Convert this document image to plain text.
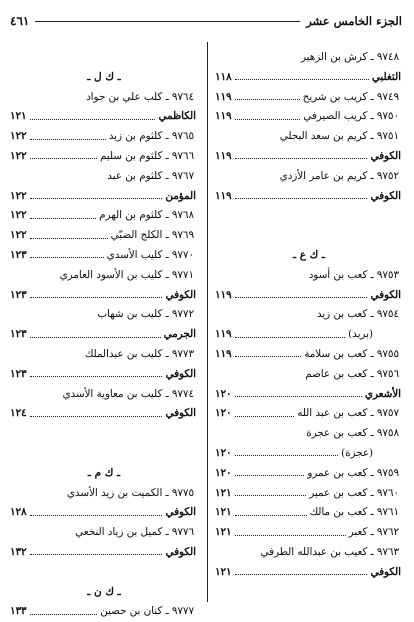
الجزء الخامس عشر
٤٦١
٩٧٤٨ ـ كرش بن الزهير
التغلبي
١١٨
٩٧٤٩ ـ كريب بن شريح
١١٩
٩٧٥٠ ـ كريب الصيرفي
١١٩
٩٧٥١ ـ كريم بن سعد البجلي
الكوفي
١١٩
٩٧٥٢ ـ كريم بن عامر الأزدي
الكوفي
١١٩
ـ ك ع ـ
٩٧٥٣ ـ كعب بن أسود
الكوفي
١١٩
٩٧٥٤ ـ كعب بن زيد
(بريد)
١١٩
٩٧٥٥ ـ كعب بن سلامة
١١٩
٩٧٥٦ ـ كعب بن عاصم
الأشعري
١٢٠
٩٧٥٧ ـ كعب بن عبد الله
١٢٠
٩٧٥٨ ـ كعب بن عجرة
(عجزة)
١٢٠
٩٧٥٩ ـ كعب بن عمرو
١٢٠
٩٧٦٠ ـ كعب بن عمير
١٢١
٩٧٦١ ـ كعب بن مالك
١٢١
٩٧٦٢ ـ كعبر
١٢١
٩٧٦٣ ـ كعيب بن عبدالله الطرفي
الكوفي
١٢١
ـ ك ل ـ
٩٧٦٤ ـ كلب علي بن جواد
الكاظمي
١٢١
٩٧٦٥ ـ كلثوم بن زيد
١٢٢
٩٧٦٦ ـ كلثوم بن سليم
١٢٢
٩٧٦٧ ـ كلثوم بن عبد
المؤمن
١٢٢
٩٧٦٨ ـ كلثوم بن الهرم
١٢٢
٩٧٦٩ ـ الكلج الضبّي
١٢٢
٩٧٧٠ ـ كليب الأسدي
١٢٣
٩٧٧١ ـ كليب بن الأسود العامري
الكوفي
١٢٣
٩٧٧٢ ـ كليب بن شهاب
الجرمي
١٢٣
٩٧٧٣ ـ كليب بن عبدالملك
الكوفي
١٢٣
٩٧٧٤ ـ كليب بن معاوية الأسدي
الكوفي
١٢٤
ـ ك م ـ
٩٧٧٥ ـ الكميت بن زيد الأسدي
الكوفي
١٢٨
٩٧٧٦ ـ كميل بن زياد النخعي
الكوفي
١٣٢
ـ ك ن ـ
٩٧٧٧ ـ كنان بن حصين
١٣٣
